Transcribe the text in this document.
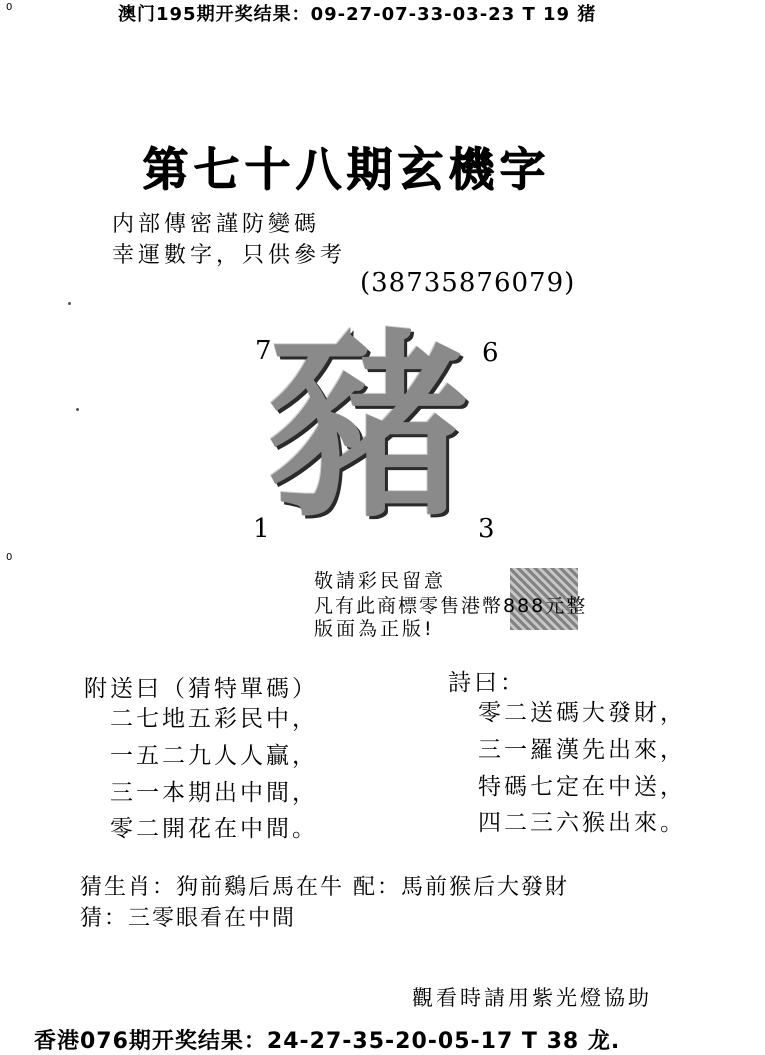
0
0
澳门195期开奖结果：09-27-07-33-03-23 T 19 猪
第七十八期玄機字
内部傳密謹防變碼
幸運數字，只供參考
(38735876079)
豬
7	6
1	3
敬請彩民留意
凡有此商標零售港幣888元整
版面為正版!
附送曰（猜特單碼）
二七地五彩民中，
一五二九人人贏，
三一本期出中間，
零二開花在中間。
詩曰：
零二送碼大發財，
三一羅漢先出來，
特碼七定在中送，
四二三六猴出來。
猜生肖：狗前鷄后馬在牛 配：馬前猴后大發財
猜：三零眼看在中間
觀看時請用紫光燈協助
香港076期开奖结果：24-27-35-20-05-17 T 38 龙.
